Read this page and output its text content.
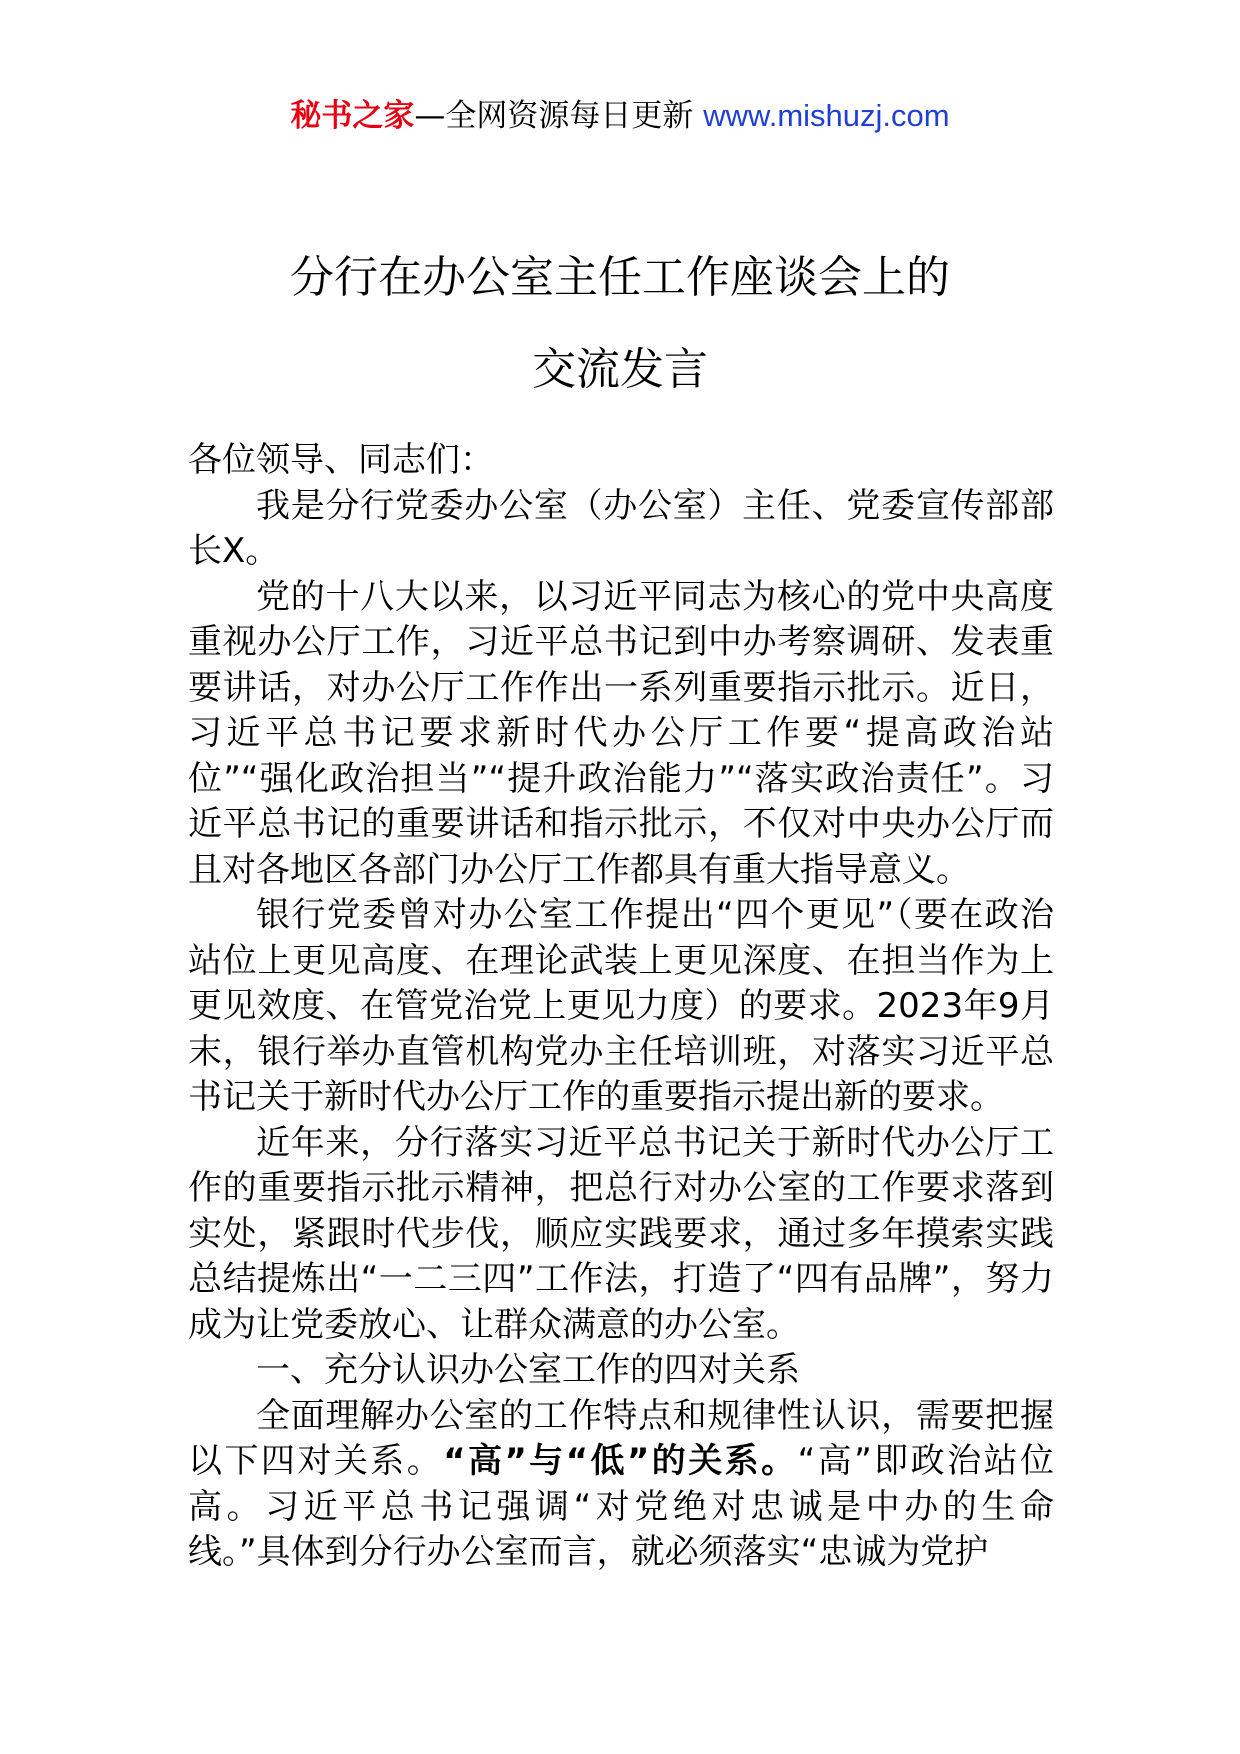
秘书之家—全网资源每日更新 www.mishuzj.com
分行在办公室主任工作座谈会上的
交流发言

各位领导、同志们：

我是分行党委办公室（办公室）主任、党委宣传部部长X。

党的十八大以来，以习近平同志为核心的党中央高度重视办公厅工作，习近平总书记到中办考察调研、发表重要讲话，对办公厅工作作出一系列重要指示批示。近日，习近平总书记要求新时代办公厅工作要“提高政治站位”“强化政治担当”“提升政治能力”“落实政治责任”。习近平总书记的重要讲话和指示批示，不仅对中央办公厅而且对各地区各部门办公厅工作都具有重大指导意义。

银行党委曾对办公室工作提出“四个更见”（要在政治站位上更见高度、在理论武装上更见深度、在担当作为上更见效度、在管党治党上更见力度）的要求。2023年9月末，银行举办直管机构党办主任培训班，对落实习近平总书记关于新时代办公厅工作的重要指示提出新的要求。

近年来，分行落实习近平总书记关于新时代办公厅工作的重要指示批示精神，把总行对办公室的工作要求落到实处，紧跟时代步伐，顺应实践要求，通过多年摸索实践总结提炼出“一二三四”工作法，打造了“四有品牌”，努力成为让党委放心、让群众满意的办公室。

一、充分认识办公室工作的四对关系

全面理解办公室的工作特点和规律性认识，需要把握以下四对关系。“高”与“低”的关系。“高”即政治站位高。习近平总书记强调“对党绝对忠诚是中办的生命线。”具体到分行办公室而言，就必须落实“忠诚为党护
